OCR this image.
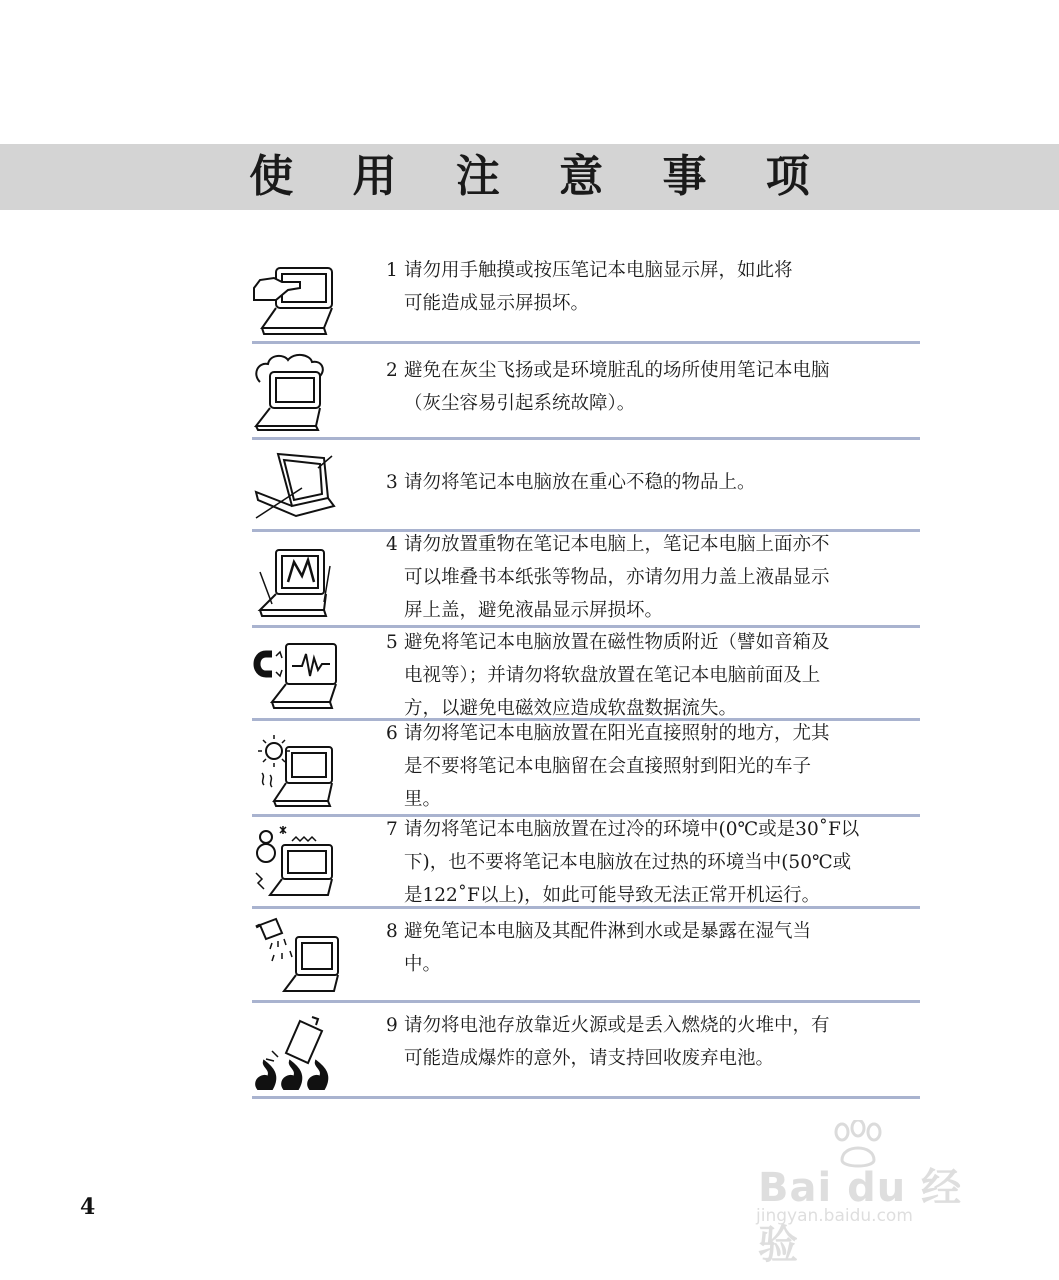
使 用 注 意 事 项
1 请勿用手触摸或按压笔记本电脑显示屏，如此将
可能造成显示屏损坏。
2 避免在灰尘飞扬或是环境脏乱的场所使用笔记本电脑
（灰尘容易引起系统故障）。
3 请勿将笔记本电脑放在重心不稳的物品上。
4 请勿放置重物在笔记本电脑上，笔记本电脑上面亦不
可以堆叠书本纸张等物品，亦请勿用力盖上液晶显示
屏上盖，避免液晶显示屏损坏。
5 避免将笔记本电脑放置在磁性物质附近（譬如音箱及
电视等）；并请勿将软盘放置在笔记本电脑前面及上
方，以避免电磁效应造成软盘数据流失。
6 请勿将笔记本电脑放置在阳光直接照射的地方，尤其
是不要将笔记本电脑留在会直接照射到阳光的车子
里。
7 请勿将笔记本电脑放置在过冷的环境中(0℃或是30˚F以
下)，也不要将笔记本电脑放在过热的环境当中(50℃或
是122˚F以上)，如此可能导致无法正常开机运行。
8 避免笔记本电脑及其配件淋到水或是暴露在湿气当
中。
9 请勿将电池存放靠近火源或是丢入燃烧的火堆中，有
可能造成爆炸的意外，请支持回收废弃电池。
4	Bai du 经验
jingyan.baidu.com
